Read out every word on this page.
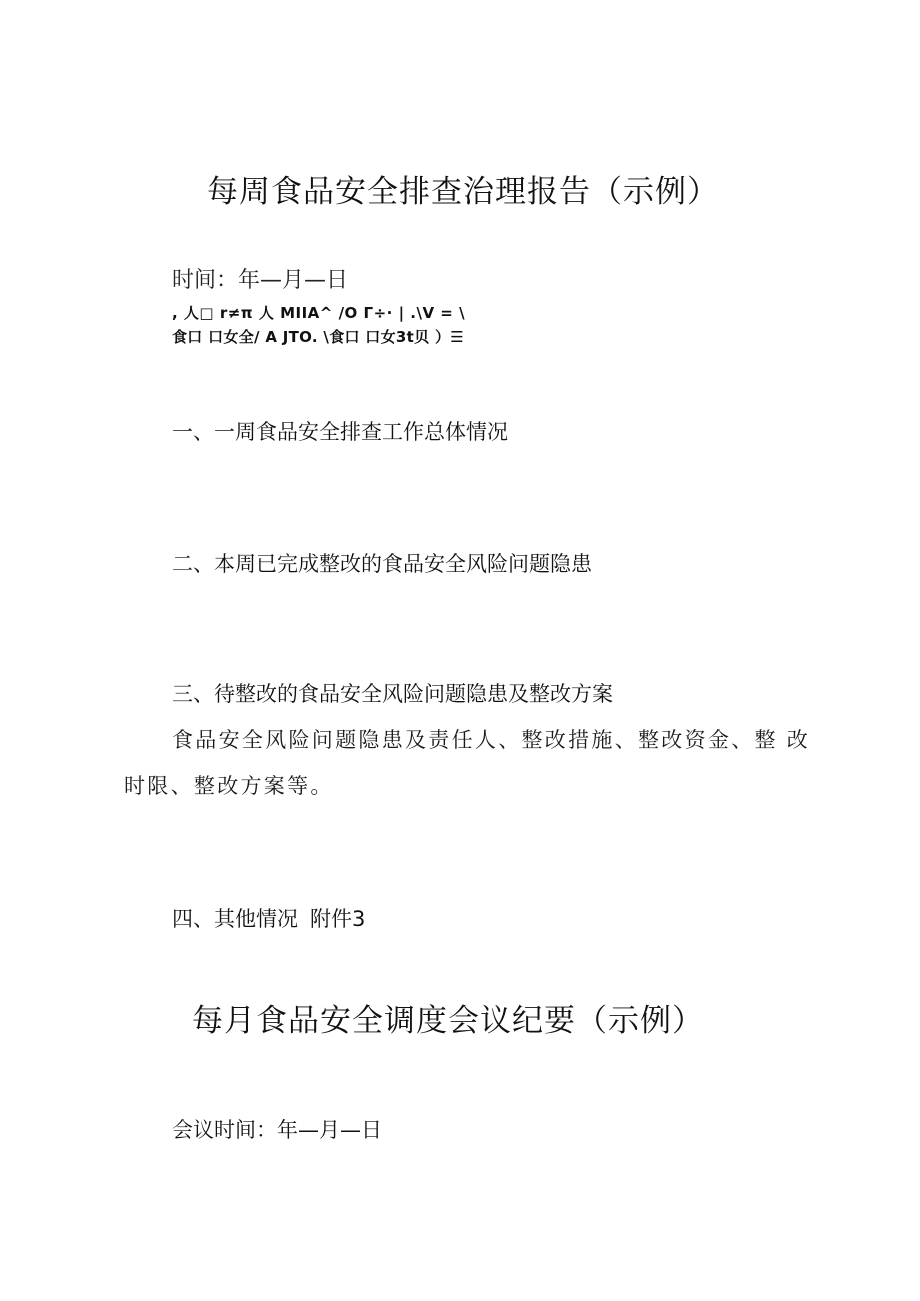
每周食品安全排查治理报告（示例）
时间：年—月—日
, 人□ r≠π 人 MIIA^ /O Γ÷· | .\V = \
食口 口女全∕ A JTO. \食口 口女3t贝 ）☰
一、一周食品安全排查工作总体情况
二、本周已完成整改的食品安全风险问题隐患
三、待整改的食品安全风险问题隐患及整改方案
食品安全风险问题隐患及责任人、整改措施、整改资金、整 改
时限、整改方案等。
四、其他情况 附件3
每月食品安全调度会议纪要（示例）
会议时间：年—月—日
